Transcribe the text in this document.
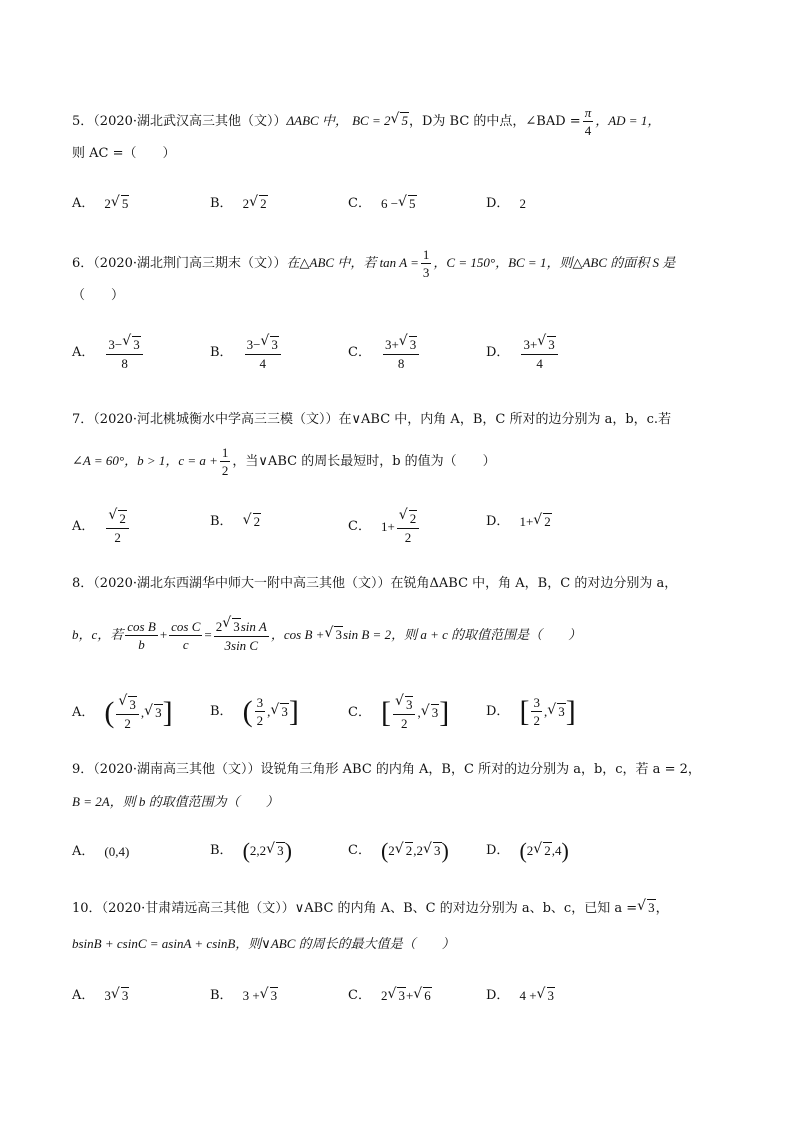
5．（2020·湖北武汉高三其他（文））ΔABC 中， BC = 2 √ 5，D为 BC 的中点，∠BAD = $\frac{\pi}{4}$ ，AD = 1，
则 AC =（　　）
A． 2 √ 5	B． 2 √ 2	C． 6
− √ 5	D． 2
6．（2020·湖北荆门高三期末（文））在△ABC 中，若 $\tan A = \frac{1}{3}$ ，C = 150°，BC = 1，则△ABC 的面积 S 是
（　　）
A． $\frac{3- √ 3}{8}$	B． $\frac{3- √ 3}{4}$	C． $\frac{3+ √ 3}{8}$	D． $\frac{3+ √ 3}{4}$
7．（2020·河北桃城衡水中学高三三模（文））在∨ABC 中，内角 A，B，C 所对的边分别为 a，b，c.若
∠A = 60°，b > 1，$c = a + \frac{1}{2}$ ，当∨ABC 的周长最短时，b 的值为（　　）
A． √ $\frac{2}{2}$	B．	√ 2	C． 1 + √ $\frac{2}{2}$	D． 1 + √ 2
8．（2020·湖北东西湖华中师大一附中高三其他（文））在锐角ΔABC 中，角 A，B，C 的对边分别为 a，
b，c，若 $\frac{\text{cos B}}{b} + \frac{\text{cos C}}{c} = \frac{\text{2 √ 3sin A}}{\text{3sin C}}$ ，cos B + √ 3 sin B = 2，则 a + c 的取值范围是（　　）
A． ( √ $\frac{3}{2}$ , √ 3 ]	B． ( $\frac{3}{2}$ , √ 3 ]	C． [ √ $\frac{3}{2}$ , √ 3 ]	D． [ $\frac{3}{2}$ , √ 3 ]
9．（2020·湖南高三其他（文））设锐角三角形 ABC 的内角 A，B，C 所对的边分别为 a，b，c，若 a = 2，
B = 2A，则 b 的取值范围为（　　）
A． (0,4)	B． ( 2 , 2 √ 3 )	C． ( 2 √ 2 , 2 √ 3 )	D． ( 2 √ 2 , 4 )
10．（2020·甘肃靖远高三其他（文））∨ABC 的内角 A、B、C 的对边分别为 a、b、c，已知 a = √ 3，
bsinB + csinC = asinA + csinB，则∨ABC 的周长的最大值是（　　）
A． 3 √ 3	B． 3
+ √ 3	C． 2 √ 3 + √ 6	D． 4
+ √ 3
